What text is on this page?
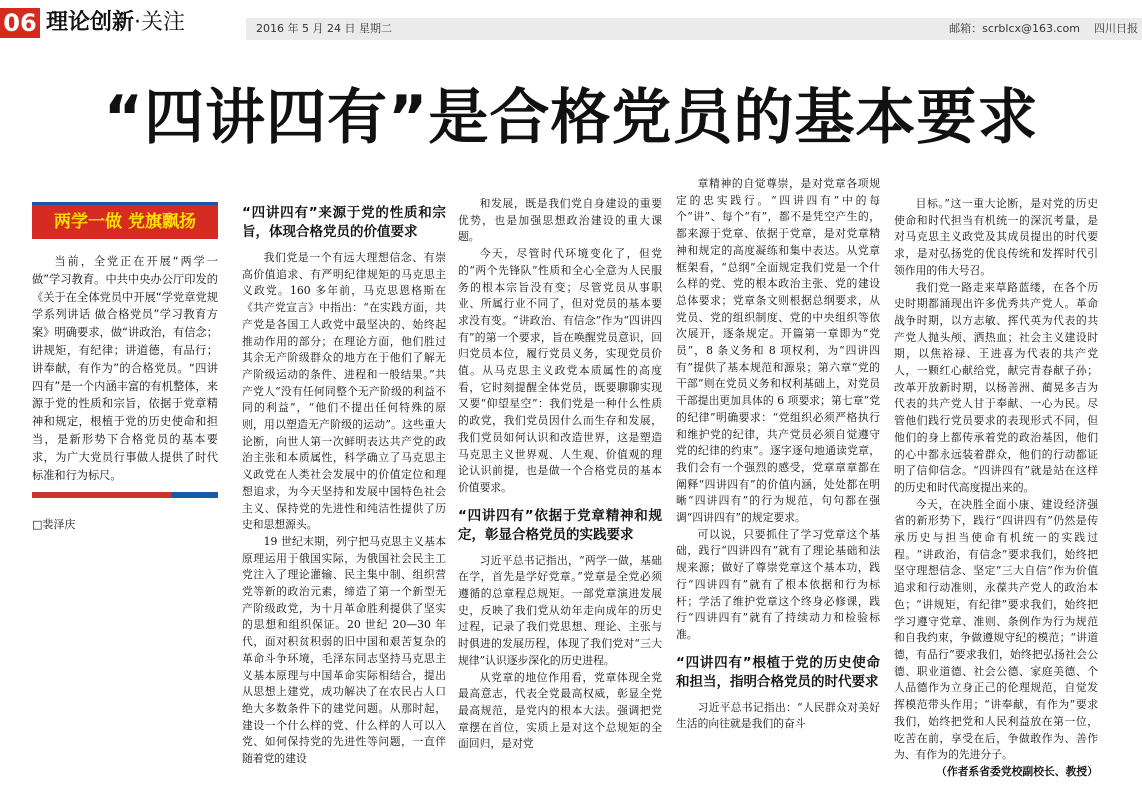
06 理论创新·关注	2016 年 5 月 24 日 星期二	邮箱：scrblcx@163.com 四川日报
“四讲四有”是合格党员的基本要求
两学一做 党旗飘扬
当前，全党正在开展“两学一做”学习教育。中共中央办公厅印发的《关于在全体党员中开展“学党章党规 学系列讲话 做合格党员”学习教育方案》明确要求，做“讲政治，有信念；讲规矩，有纪律；讲道德，有品行；讲奉献，有作为”的合格党员。“四讲四有”是一个内涵丰富的有机整体，来源于党的性质和宗旨，依据于党章精神和规定，根植于党的历史使命和担当，是新形势下合格党员的基本要求，为广大党员行事做人提供了时代标准和行为标尺。
□裴泽庆
“四讲四有”来源于党的性质和宗旨，体现合格党员的价值要求

我们党是一个有远大理想信念、有崇高价值追求、有严明纪律规矩的马克思主义政党。160 多年前，马克思恩格斯在《共产党宣言》中指出：“在实践方面，共产党是各国工人政党中最坚决的、始终起推动作用的部分；在理论方面，他们胜过其余无产阶级群众的地方在于他们了解无产阶级运动的条件、进程和一般结果。”共产党人“没有任何同整个无产阶级的利益不同的利益”，“他们不提出任何特殊的原则，用以塑造无产阶级的运动”。这些重大论断，向世人第一次鲜明表达共产党的政治主张和本质属性，科学确立了马克思主义政党在人类社会发展中的价值定位和理想追求，为今天坚持和发展中国特色社会主义、保持党的先进性和纯洁性提供了历史和思想源头。

19 世纪末期，列宁把马克思主义基本原理运用于俄国实际，为俄国社会民主工党注入了理论灌输、民主集中制、组织营党等新的政治元素，缔造了第一个新型无产阶级政党，为十月革命胜利提供了坚实的思想和组织保证。20 世纪 20—30 年代，面对积贫积弱的旧中国和艰苦复杂的革命斗争环境，毛泽东同志坚持马克思主义基本原理与中国革命实际相结合，提出从思想上建党，成功解决了在农民占人口绝大多数条件下的建党问题。从那时起，建设一个什么样的党、什么样的人可以入党、如何保持党的先进性等问题，一直伴随着党的建设

和发展，既是我们党自身建设的重要优势，也是加强思想政治建设的重大课题。

今天，尽管时代环境变化了，但党的“两个先锋队”性质和全心全意为人民服务的根本宗旨没有变；尽管党员从事职业、所属行业不同了，但对党员的基本要求没有变。“讲政治、有信念”作为“四讲四有”的第一个要求，旨在唤醒党员意识，回归党员本位，履行党员义务，实现党员价值。从马克思主义政党本质属性的高度看，它时刻提醒全体党员，既要聊聊实现又要“仰望星空”：我们党是一种什么性质的政党，我们党员因什么而生存和发展，我们党员如何认识和改造世界，这是塑造马克思主义世界观、人生观、价值观的理论认识前提，也是做一个合格党员的基本价值要求。

“四讲四有”依据于党章精神和规定，彰显合格党员的实践要求

习近平总书记指出，“两学一做，基础在学，首先是学好党章。”党章是全党必须遵循的总章程总规矩。一部党章演进发展史，反映了我们党从幼年走向成年的历史过程，记录了我们党思想、理论、主张与时俱进的发展历程，体现了我们党对“三大规律”认识逐步深化的历史进程。

从党章的地位作用看，党章体现全党最高意志，代表全党最高权威，彰显全党最高规范，是党内的根本大法。强调把党章摆在首位，实质上是对这个总规矩的全面回归，是对党

章精神的自觉尊崇，是对党章各项规定的忠实践行。“四讲四有”中的每个“讲”、每个“有”，都不是凭空产生的，都来源于党章、依据于党章，是对党章精神和规定的高度凝练和集中表达。从党章框架看，“总纲”全面规定我们党是一个什么样的党、党的根本政治主张、党的建设总体要求；党章条文则根据总纲要求，从党员、党的组织制度、党的中央组织等依次展开，逐条规定。开篇第一章即为“党员”，8 条义务和 8 项权利，为“四讲四有”提供了基本规范和源泉；第六章“党的干部”则在党员义务和权利基础上，对党员干部提出更加具体的 6 项要求；第七章“党的纪律”明确要求：“党组织必须严格执行和维护党的纪律，共产党员必须自觉遵守党的纪律的约束”。逐字逐句地通读党章，我们会有一个强烈的感受，党章章章都在阐释“四讲四有”的价值内涵，处处都在明晰“四讲四有”的行为规范，句句都在强调“四讲四有”的规定要求。

可以说，只要抓住了学习党章这个基础，践行“四讲四有”就有了理论基础和法规来源；做好了尊崇党章这个基本功，践行“四讲四有”就有了根本依据和行为标杆；学活了维护党章这个终身必修课，践行“四讲四有”就有了持续动力和检验标准。

“四讲四有”根植于党的历史使命和担当，指明合格党员的时代要求

习近平总书记指出：“人民群众对美好生活的向往就是我们的奋斗

目标。”这一重大论断，是对党的历史使命和时代担当有机统一的深沉考量，是对马克思主义政党及其成员提出的时代要求，是对弘扬党的优良传统和发挥时代引领作用的伟大号召。

我们党一路走来草路蓝缕，在各个历史时期都涌现出许多优秀共产党人。革命战争时期，以方志敏、挥代英为代表的共产党人抛头颅、洒热血；社会主义建设时期，以焦裕禄、王进喜为代表的共产党人，一颗红心献给党，献完青春献子孙；改革开放新时期，以杨善洲、蔺晃多吉为代表的共产党人甘于奉献、一心为民。尽管他们践行党员要求的表现形式不同，但他们的身上都传承着党的政治基因，他们的心中都永远装着群众，他们的行动都证明了信仰信念。“四讲四有”就是站在这样的历史和时代高度提出来的。

今天，在决胜全面小康、建设经济强省的新形势下，践行“四讲四有”仍然是传承历史与担当使命有机统一的实践过程。“讲政治，有信念”要求我们，始终把坚守理想信念、坚定“三大自信”作为价值追求和行动准则，永葆共产党人的政治本色；“讲规矩，有纪律”要求我们，始终把学习遵守党章、准则、条例作为行为规范和自我约束，争做遵规守纪的模范；“讲道德，有品行”要求我们，始终把弘扬社会公德、职业道德、社会公德、家庭美德、个人品德作为立身正己的伦理规范，自觉发挥模范带头作用；“讲奉献，有作为”要求我们，始终把党和人民利益放在第一位，吃苦在前，享受在后，争做敢作为、善作为、有作为的先进分子。

（作者系省委党校副校长、教授）
